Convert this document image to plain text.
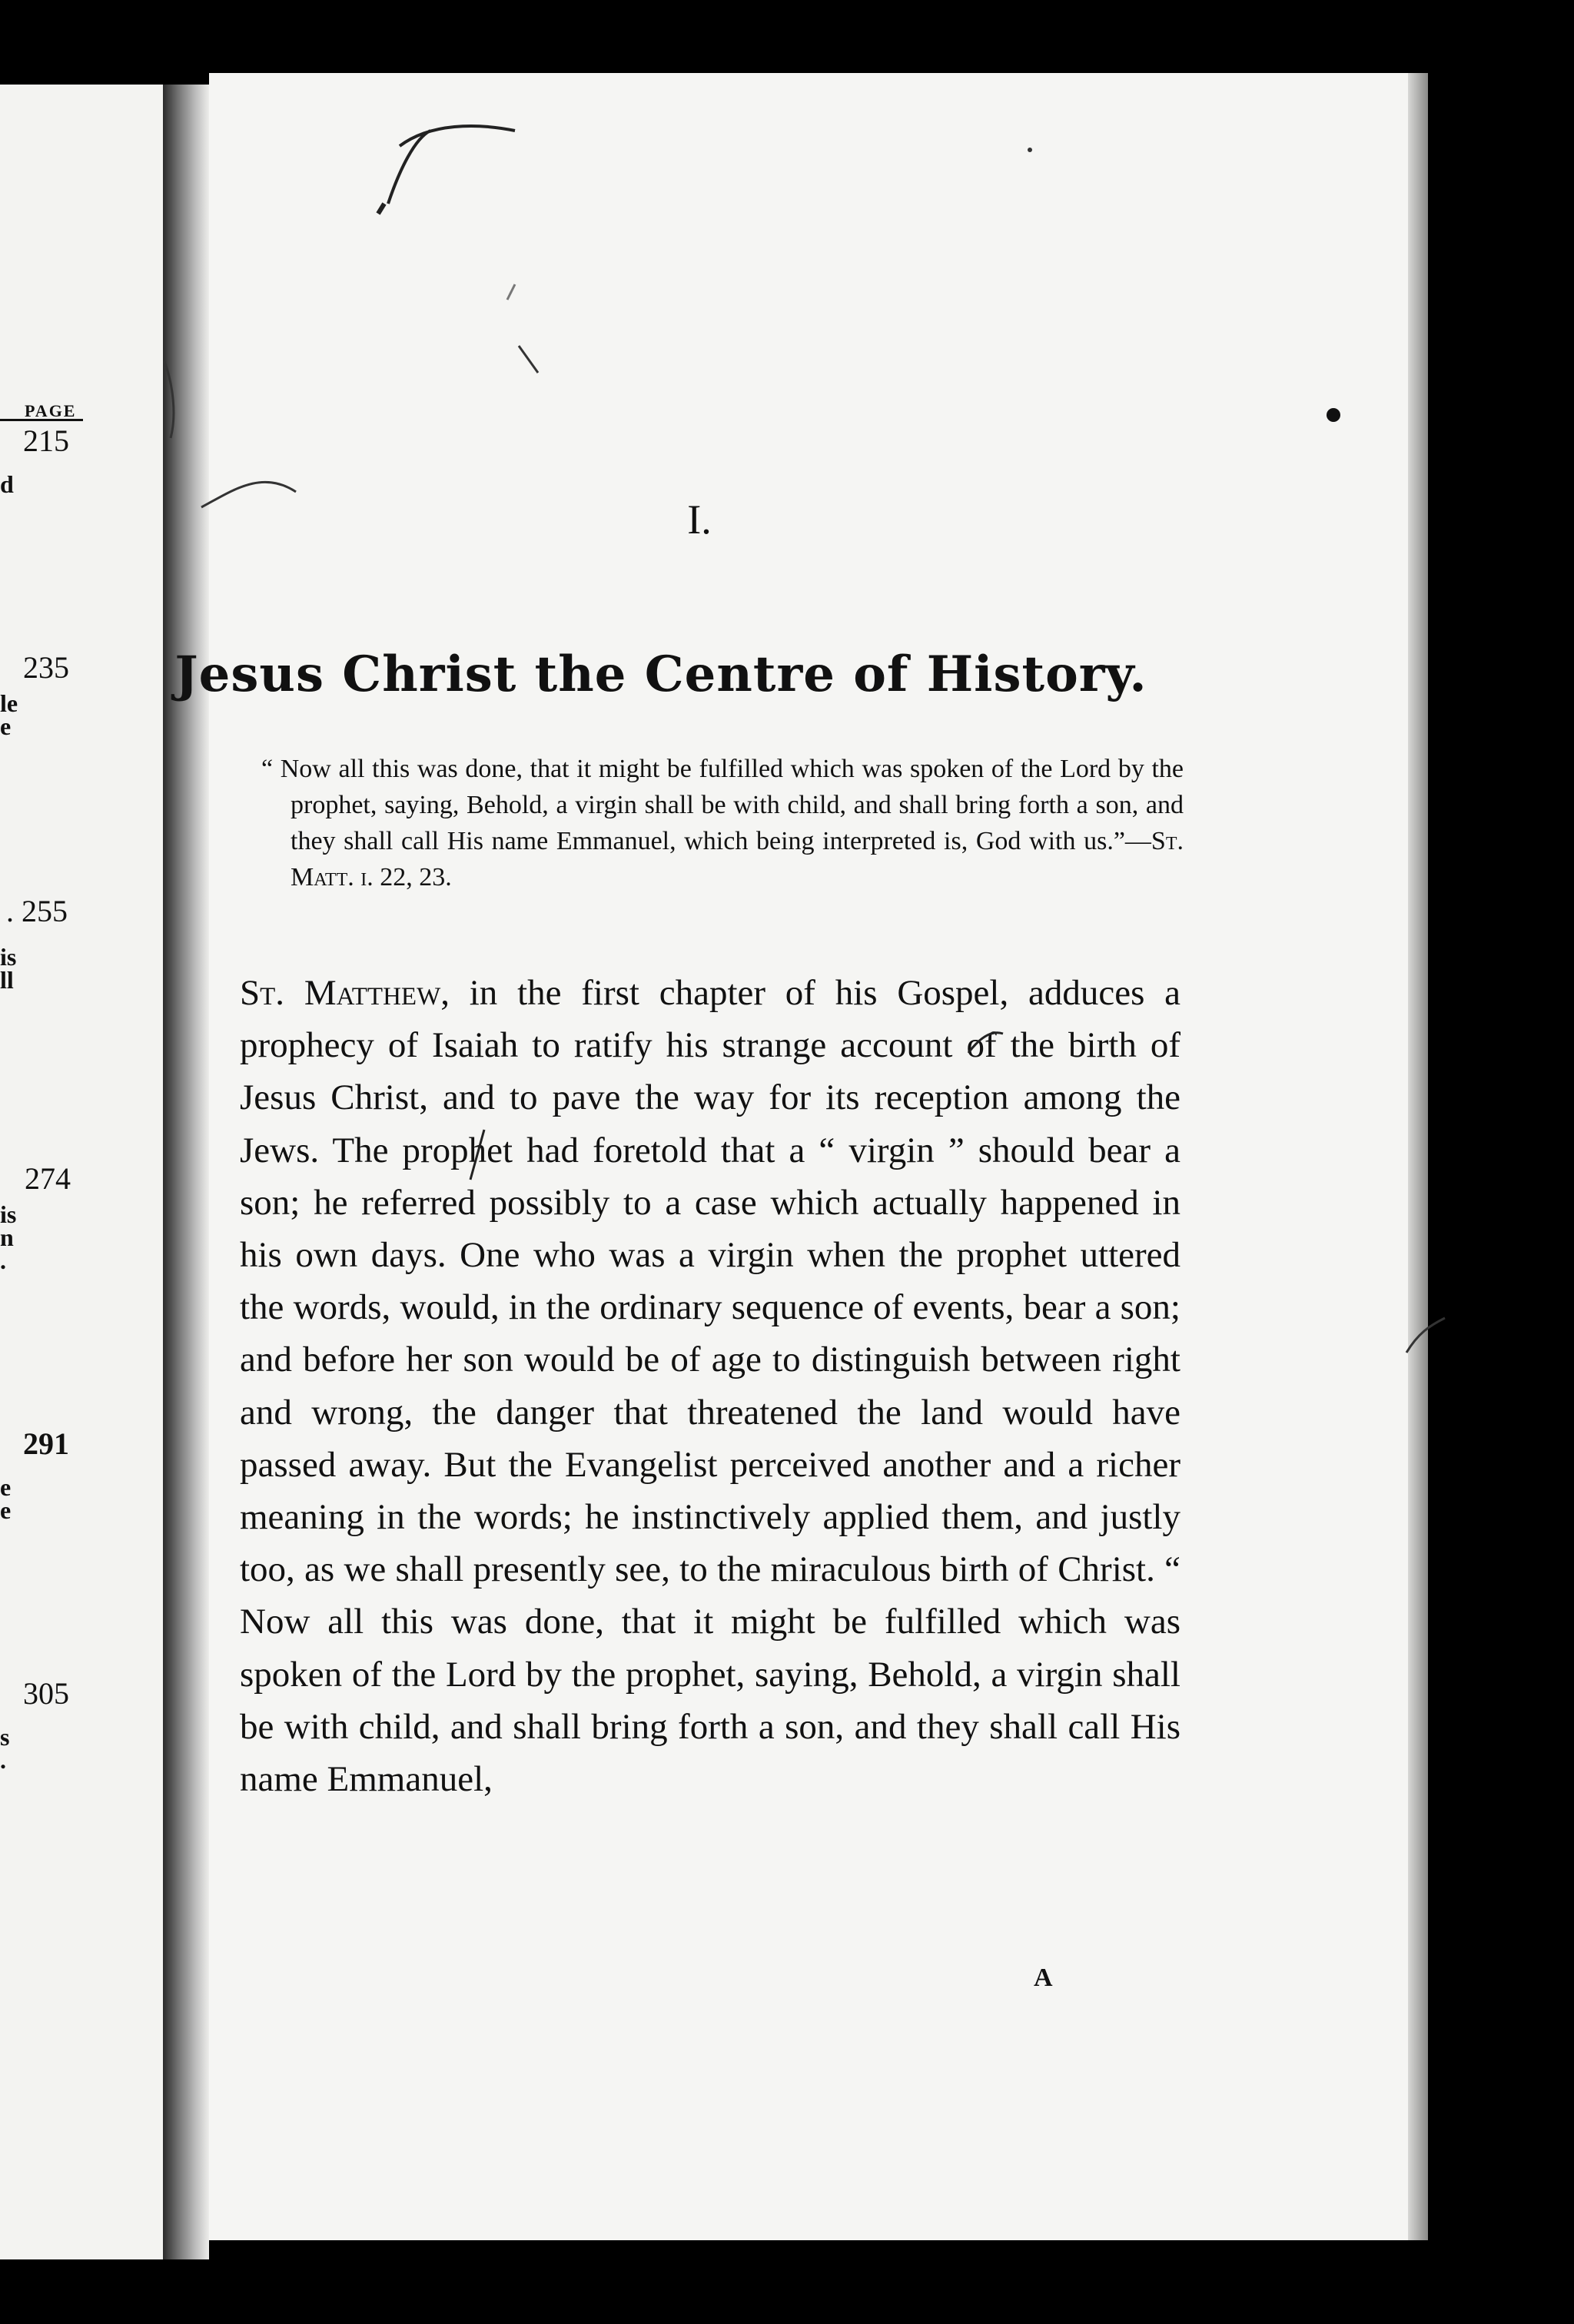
PAGE
215
d
235
le
e
. 255
is
ll
274
is
n
.
291
e
e
305
s
.
I.
Jesus Christ the Centre of History.
“ Now all this was done, that it might be fulfilled which was spoken of the Lord by the prophet, saying, Behold, a virgin shall be with child, and shall bring forth a son, and they shall call His name Emmanuel, which being interpreted is, God with us.”—St. Matt. i. 22, 23.
St. Matthew, in the first chapter of his Gospel, adduces a prophecy of Isaiah to ratify his strange account of the birth of Jesus Christ, and to pave the way for its reception among the Jews. The prophet had foretold that a “ virgin ” should bear a son; he referred possibly to a case which actually happened in his own days. One who was a virgin when the prophet uttered the words, would, in the ordinary sequence of events, bear a son; and before her son would be of age to distinguish between right and wrong, the danger that threatened the land would have passed away. But the Evangelist perceived another and a richer meaning in the words; he instinctively applied them, and justly too, as we shall presently see, to the miraculous birth of Christ. “ Now all this was done, that it might be fulfilled which was spoken of the Lord by the prophet, saying, Behold, a virgin shall be with child, and shall bring forth a son, and they shall call His name Emmanuel,
A
